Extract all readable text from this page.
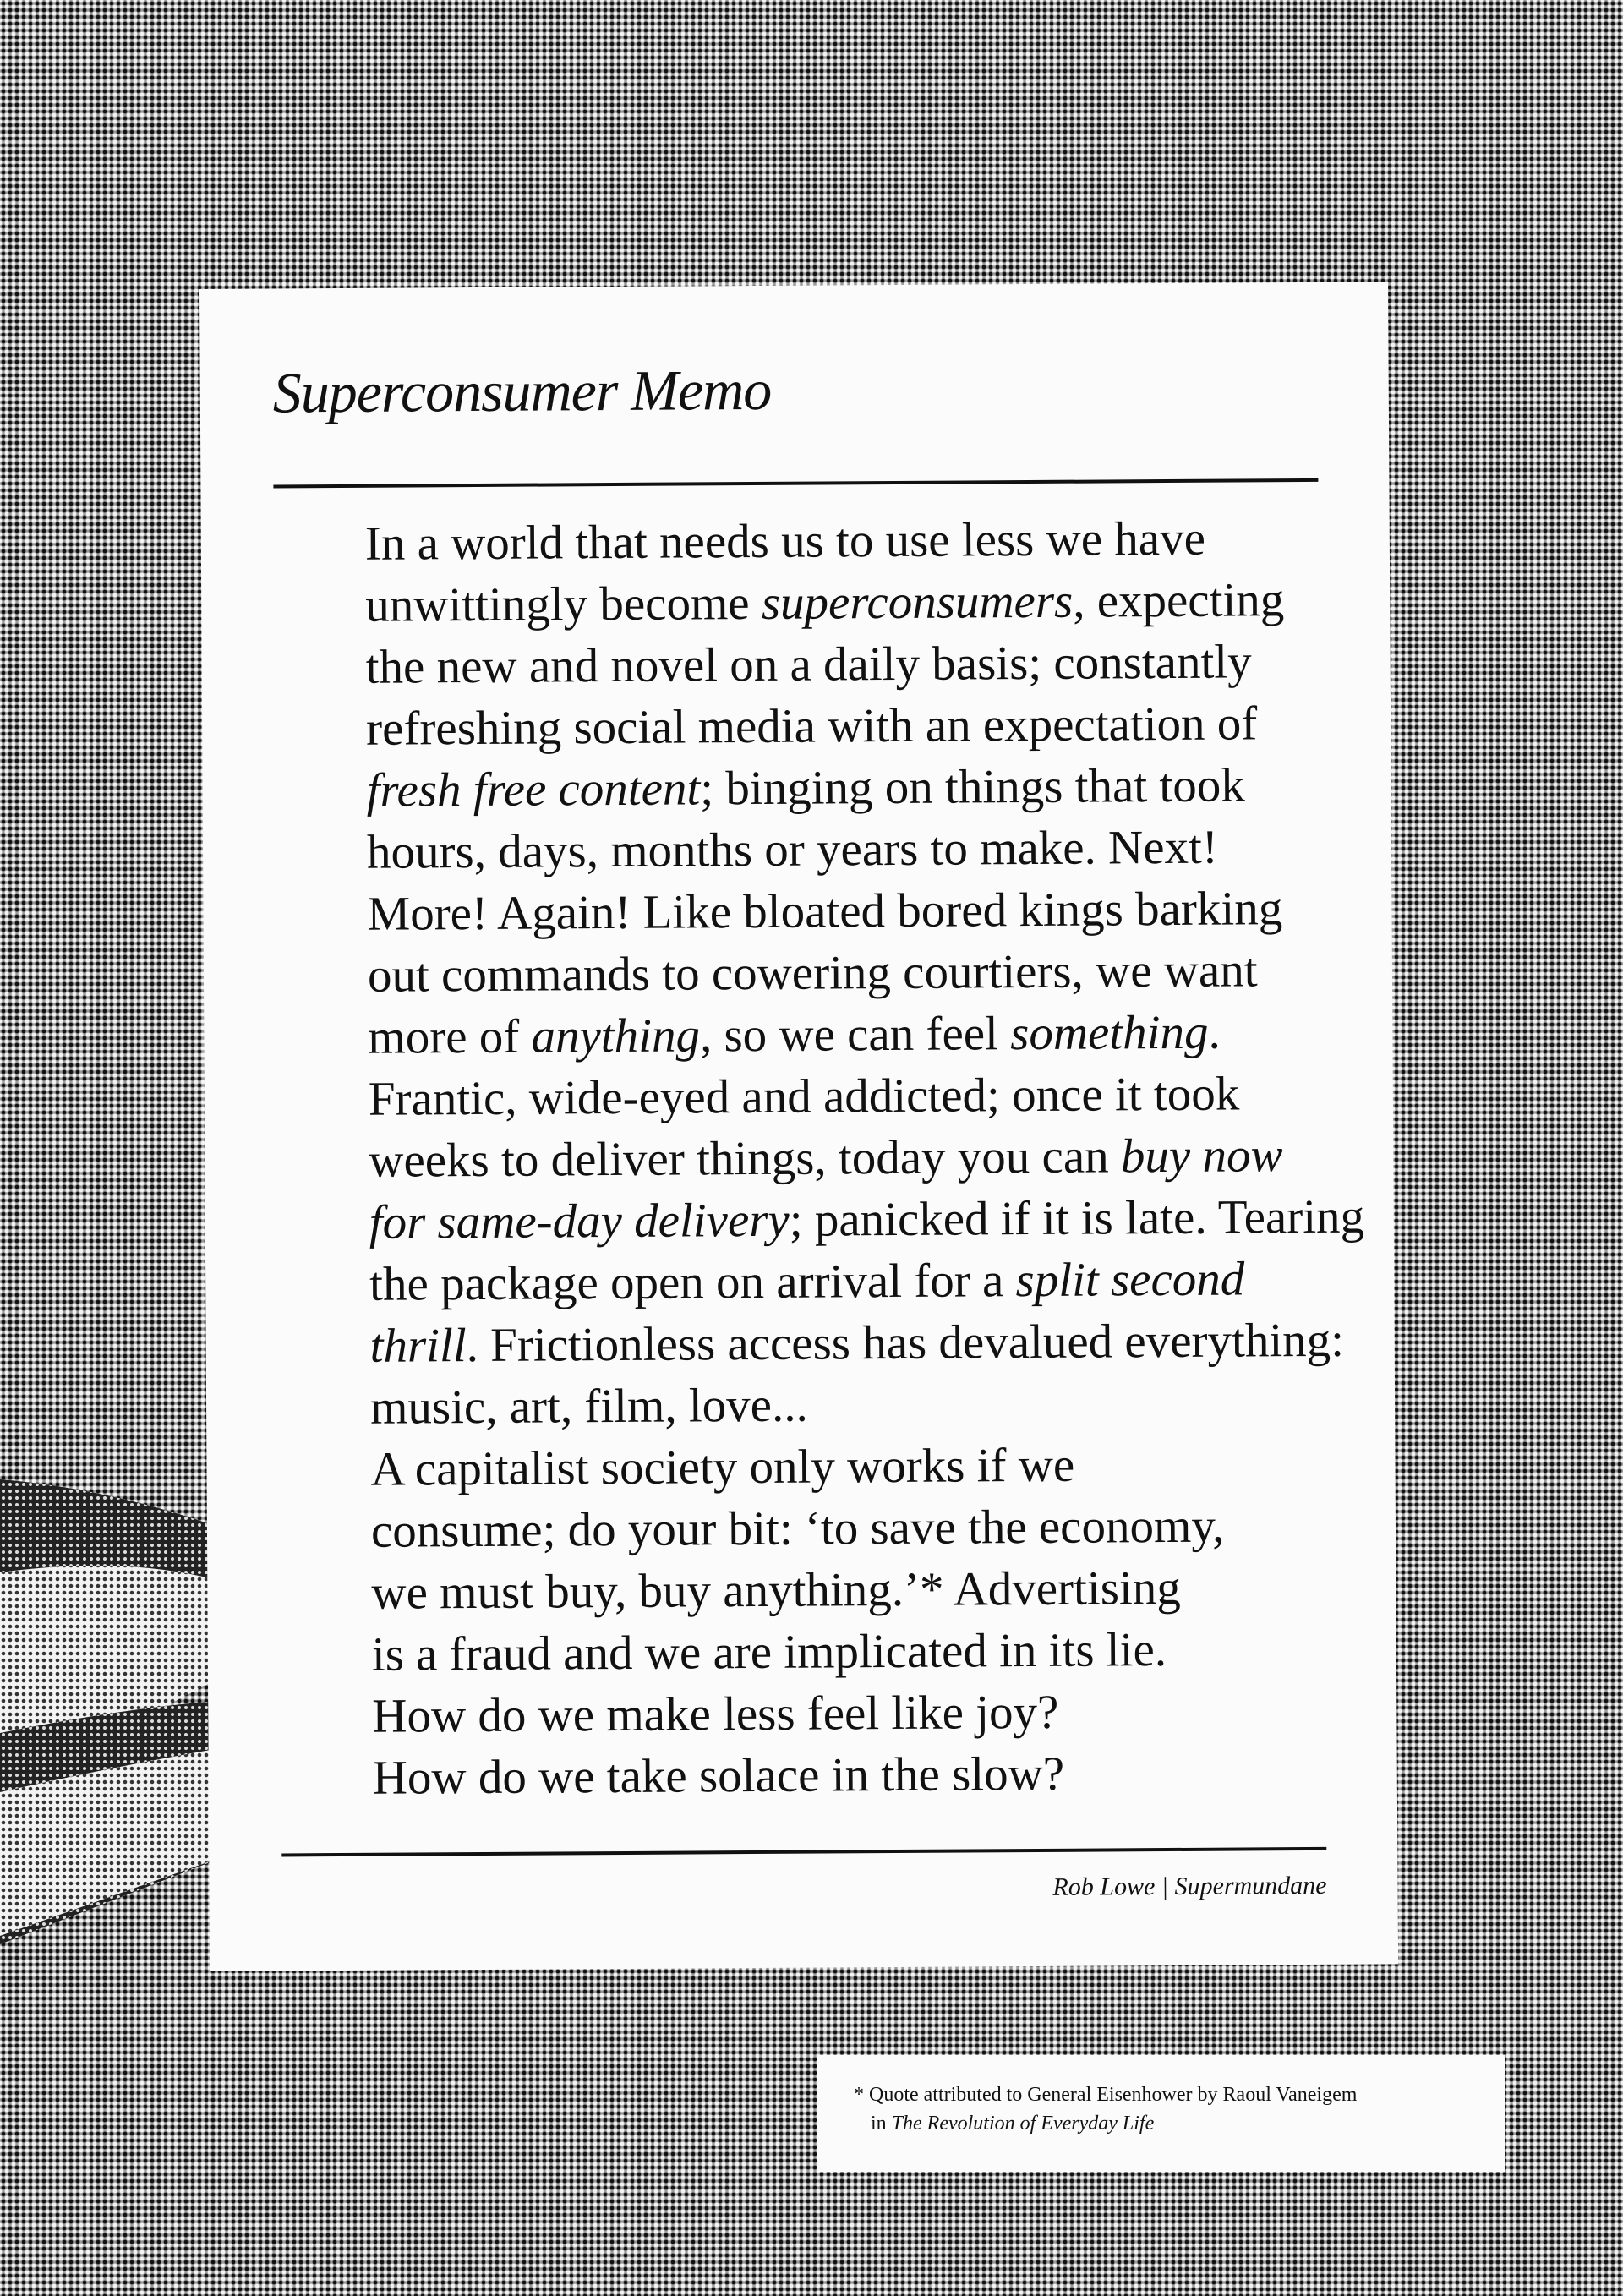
Superconsumer Memo

In a world that needs us to use less we have
unwittingly become superconsumers, expecting
the new and novel on a daily basis; constantly
refreshing social media with an expectation of
fresh free content; binging on things that took
hours, days, months or years to make. Next!
More! Again! Like bloated bored kings barking
out commands to cowering courtiers, we want
more of anything, so we can feel something.

Frantic, wide-eyed and addicted; once it took
weeks to deliver things, today you can buy now
for same-day delivery; panicked if it is late. Tearing
the package open on arrival for a split second
thrill. Frictionless access has devalued everything:
music, art, film, love...

A capitalist society only works if we
consume; do your bit: ‘to save the economy,
we must buy, buy anything.’* Advertising
is a fraud and we are implicated in its lie.
How do we make less feel like joy?
How do we take solace in the slow?

Rob Lowe | Supermundane
* Quote attributed to General Eisenhower by Raoul Vaneigem
in The Revolution of Everyday Life
